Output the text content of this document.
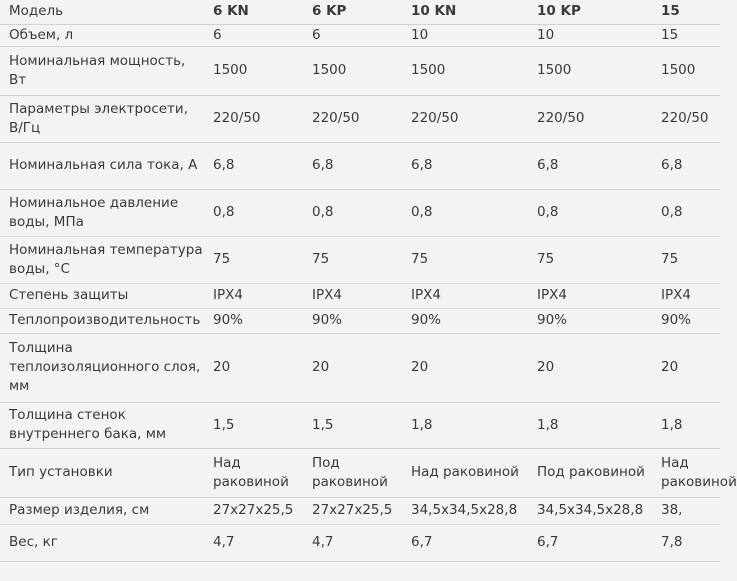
Модель	6 KN	6 KP	10 KN	10 KP	15
Объем, л	6	6	10	10	15
Номинальная мощность, Вт	1500	1500	1500	1500	1500
Параметры электросети, В/Гц	220/50	220/50	220/50	220/50	220/50
Номинальная сила тока, А	6,8	6,8	6,8	6,8	6,8
Номинальное давление воды, МПа	0,8	0,8	0,8	0,8	0,8
Номинальная температура воды, °С	75	75	75	75	75
Степень защиты	IPX4	IPX4	IPX4	IPX4	IPX4
Теплопроизводительность	90%	90%	90%	90%	90%
Толщина теплоизоляционного слоя, мм	20	20	20	20	20
Толщина стенок внутреннего бака, мм	1,5	1,5	1,8	1,8	1,8
Тип установки	Над раковиной	Под раковиной	Над раковиной	Под раковиной	Над раковиной
Размер изделия, см	27x27x25,5	27x27x25,5	34,5x34,5x28,8	34,5x34,5x28,8	38,
Вес, кг	4,7	4,7	6,7	6,7	7,8
